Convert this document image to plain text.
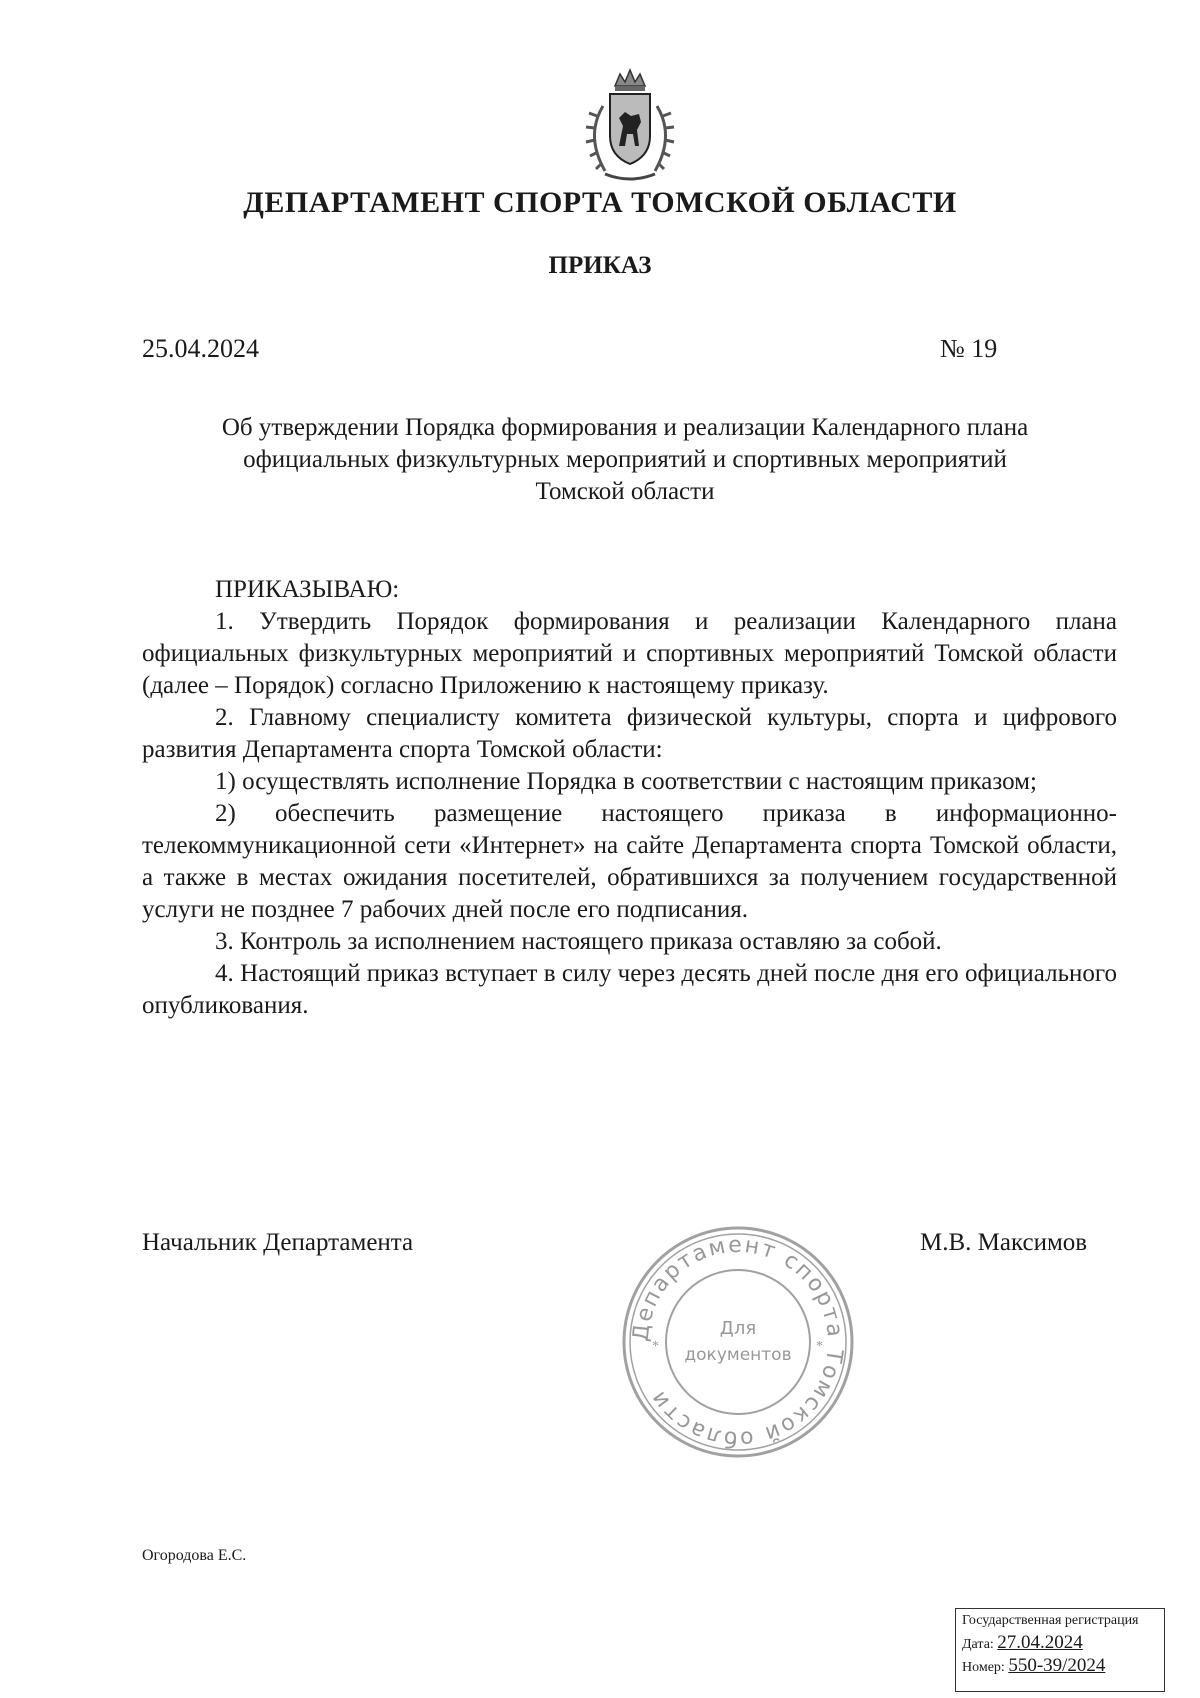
ДЕПАРТАМЕНТ СПОРТА ТОМСКОЙ ОБЛАСТИ
ПРИКАЗ
25.04.2024	№ 19
Об утверждении Порядка формирования и реализации Календарного плана
официальных физкультурных мероприятий и спортивных мероприятий
Томской области

ПРИКАЗЫВАЮ:

1. Утвердить Порядок формирования и реализации Календарного плана официальных физкультурных мероприятий и спортивных мероприятий Томской области (далее – Порядок) согласно Приложению к настоящему приказу.

2. Главному специалисту комитета физической культуры, спорта и цифрового развития Департамента спорта Томской области:

1) осуществлять исполнение Порядка в соответствии с настоящим приказом;

2) обеспечить размещение настоящего приказа в информационно-телекоммуникационной сети «Интернет» на сайте Департамента спорта Томской области, а также в местах ожидания посетителей, обратившихся за получением государственной услуги не позднее 7 рабочих дней после его подписания.

3. Контроль за исполнением настоящего приказа оставляю за собой.

4. Настоящий приказ вступает в силу через десять дней после дня его официального опубликования.

Начальник Департамента	М.В. Максимов
Департамент спорта Томской области
Для
документов
*	*
Огородова Е.С.
Государственная регистрация
Дата: 27.04.2024
Номер: 550-39/2024
